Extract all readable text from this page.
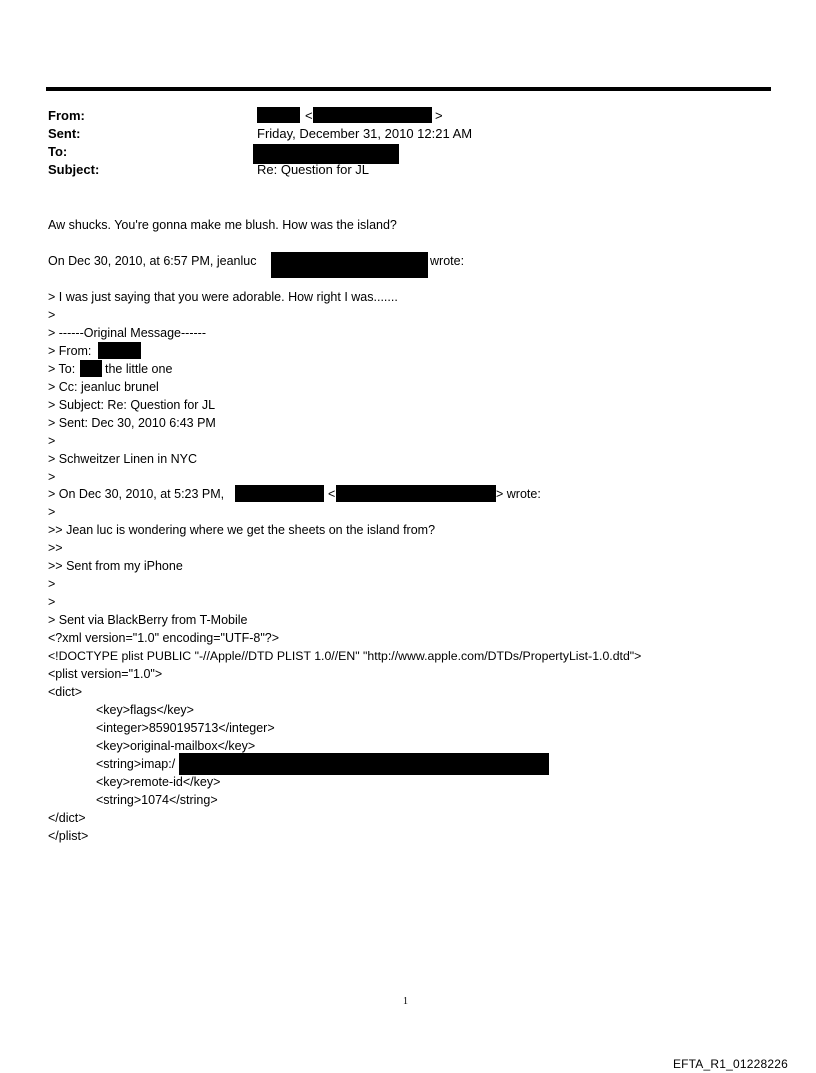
From:	<	>
Sent:	Friday, December 31, 2010 12:21 AM
To:
Subject:	Re: Question for JL
Aw shucks. You're gonna make me blush. How was the island?
On Dec 30, 2010, at 6:57 PM, jeanluc	wrote:
> I was just saying that you were adorable. How right I was.......
>
> ------Original Message------
> From:
> To: the little one
> Cc: jeanluc brunel
> Subject: Re: Question for JL
> Sent: Dec 30, 2010 6:43 PM
>
> Schweitzer Linen in NYC
>
> On Dec 30, 2010, at 5:23 PM,	<	> wrote:
>
>> Jean luc is wondering where we get the sheets on the island from?
>>
>> Sent from my iPhone
>
>
> Sent via BlackBerry from T-Mobile
<?xml version="1.0" encoding="UTF-8"?>
<!DOCTYPE plist PUBLIC "-//Apple//DTD PLIST 1.0//EN" "http://www.apple.com/DTDs/PropertyList-1.0.dtd">
<plist version="1.0">
<dict>
<key>flags</key>
<integer>8590195713</integer>
<key>original-mailbox</key>
<string>imap:/
<key>remote-id</key>
<string>1074</string>
</dict>
</plist>
1
EFTA_R1_01228226
